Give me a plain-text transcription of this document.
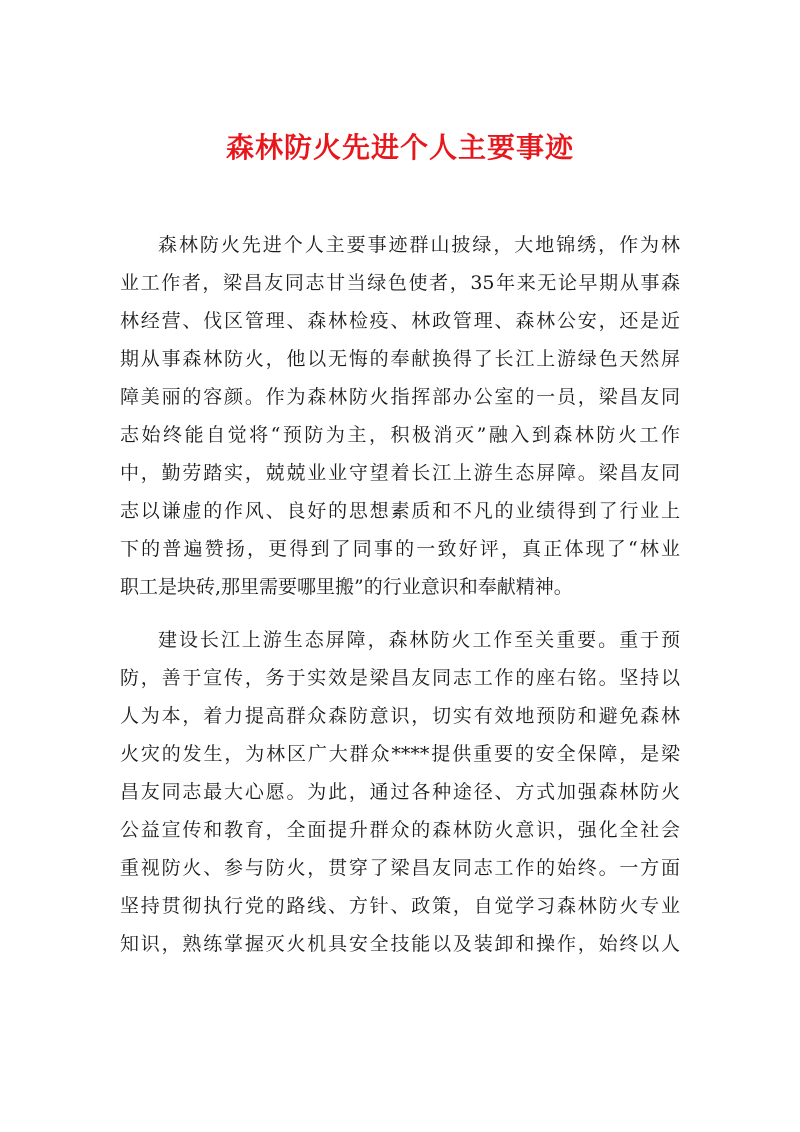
森林防火先进个人主要事迹
森林防火先进个人主要事迹群山披绿，大地锦绣，作为林
业工作者，梁昌友同志甘当绿色使者，35年来无论早期从事森
林经营、伐区管理、森林检疫、林政管理、森林公安，还是近
期从事森林防火，他以无悔的奉献换得了长江上游绿色天然屏
障美丽的容颜。作为森林防火指挥部办公室的一员，梁昌友同
志始终能自觉将“预防为主，积极消灭”融入到森林防火工作
中，勤劳踏实，兢兢业业守望着长江上游生态屏障。梁昌友同
志以谦虚的作风、良好的思想素质和不凡的业绩得到了行业上
下的普遍赞扬，更得到了同事的一致好评，真正体现了“林业
职工是块砖,那里需要哪里搬”的行业意识和奉献精神。
建设长江上游生态屏障，森林防火工作至关重要。重于预
防，善于宣传，务于实效是梁昌友同志工作的座右铭。坚持以
人为本，着力提高群众森防意识，切实有效地预防和避免森林
火灾的发生，为林区广大群众****提供重要的安全保障，是梁
昌友同志最大心愿。为此，通过各种途径、方式加强森林防火
公益宣传和教育，全面提升群众的森林防火意识，强化全社会
重视防火、参与防火，贯穿了梁昌友同志工作的始终。一方面
坚持贯彻执行党的路线、方针、政策，自觉学习森林防火专业
知识，熟练掌握灭火机具安全技能以及装卸和操作，始终以人
